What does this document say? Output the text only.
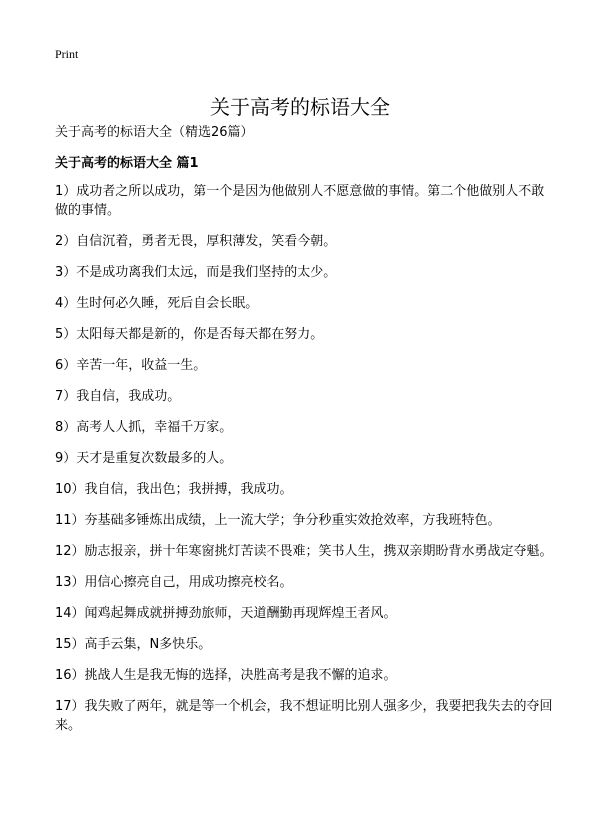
Print
关于高考的标语大全
关于高考的标语大全（精选26篇）
关于高考的标语大全 篇1
1）成功者之所以成功，第一个是因为他做别人不愿意做的事情。第二个他做别人不敢做的事情。
2）自信沉着，勇者无畏，厚积薄发，笑看今朝。
3）不是成功离我们太远，而是我们坚持的太少。
4）生时何必久睡，死后自会长眠。
5）太阳每天都是新的，你是否每天都在努力。
6）辛苦一年，收益一生。
7）我自信，我成功。
8）高考人人抓，幸福千万家。
9）天才是重复次数最多的人。
10）我自信，我出色；我拼搏，我成功。
11）夯基础多锤炼出成绩，上一流大学；争分秒重实效抢效率，方我班特色。
12）励志报亲，拼十年寒窗挑灯苦读不畏难；笑书人生，携双亲期盼背水勇战定夺魁。
13）用信心擦亮自己，用成功擦亮校名。
14）闻鸡起舞成就拼搏劲旅师，天道酬勤再现辉煌王者风。
15）高手云集，N多快乐。
16）挑战人生是我无悔的选择，决胜高考是我不懈的追求。
17）我失败了两年，就是等一个机会，我不想证明比别人强多少，我要把我失去的夺回来。
